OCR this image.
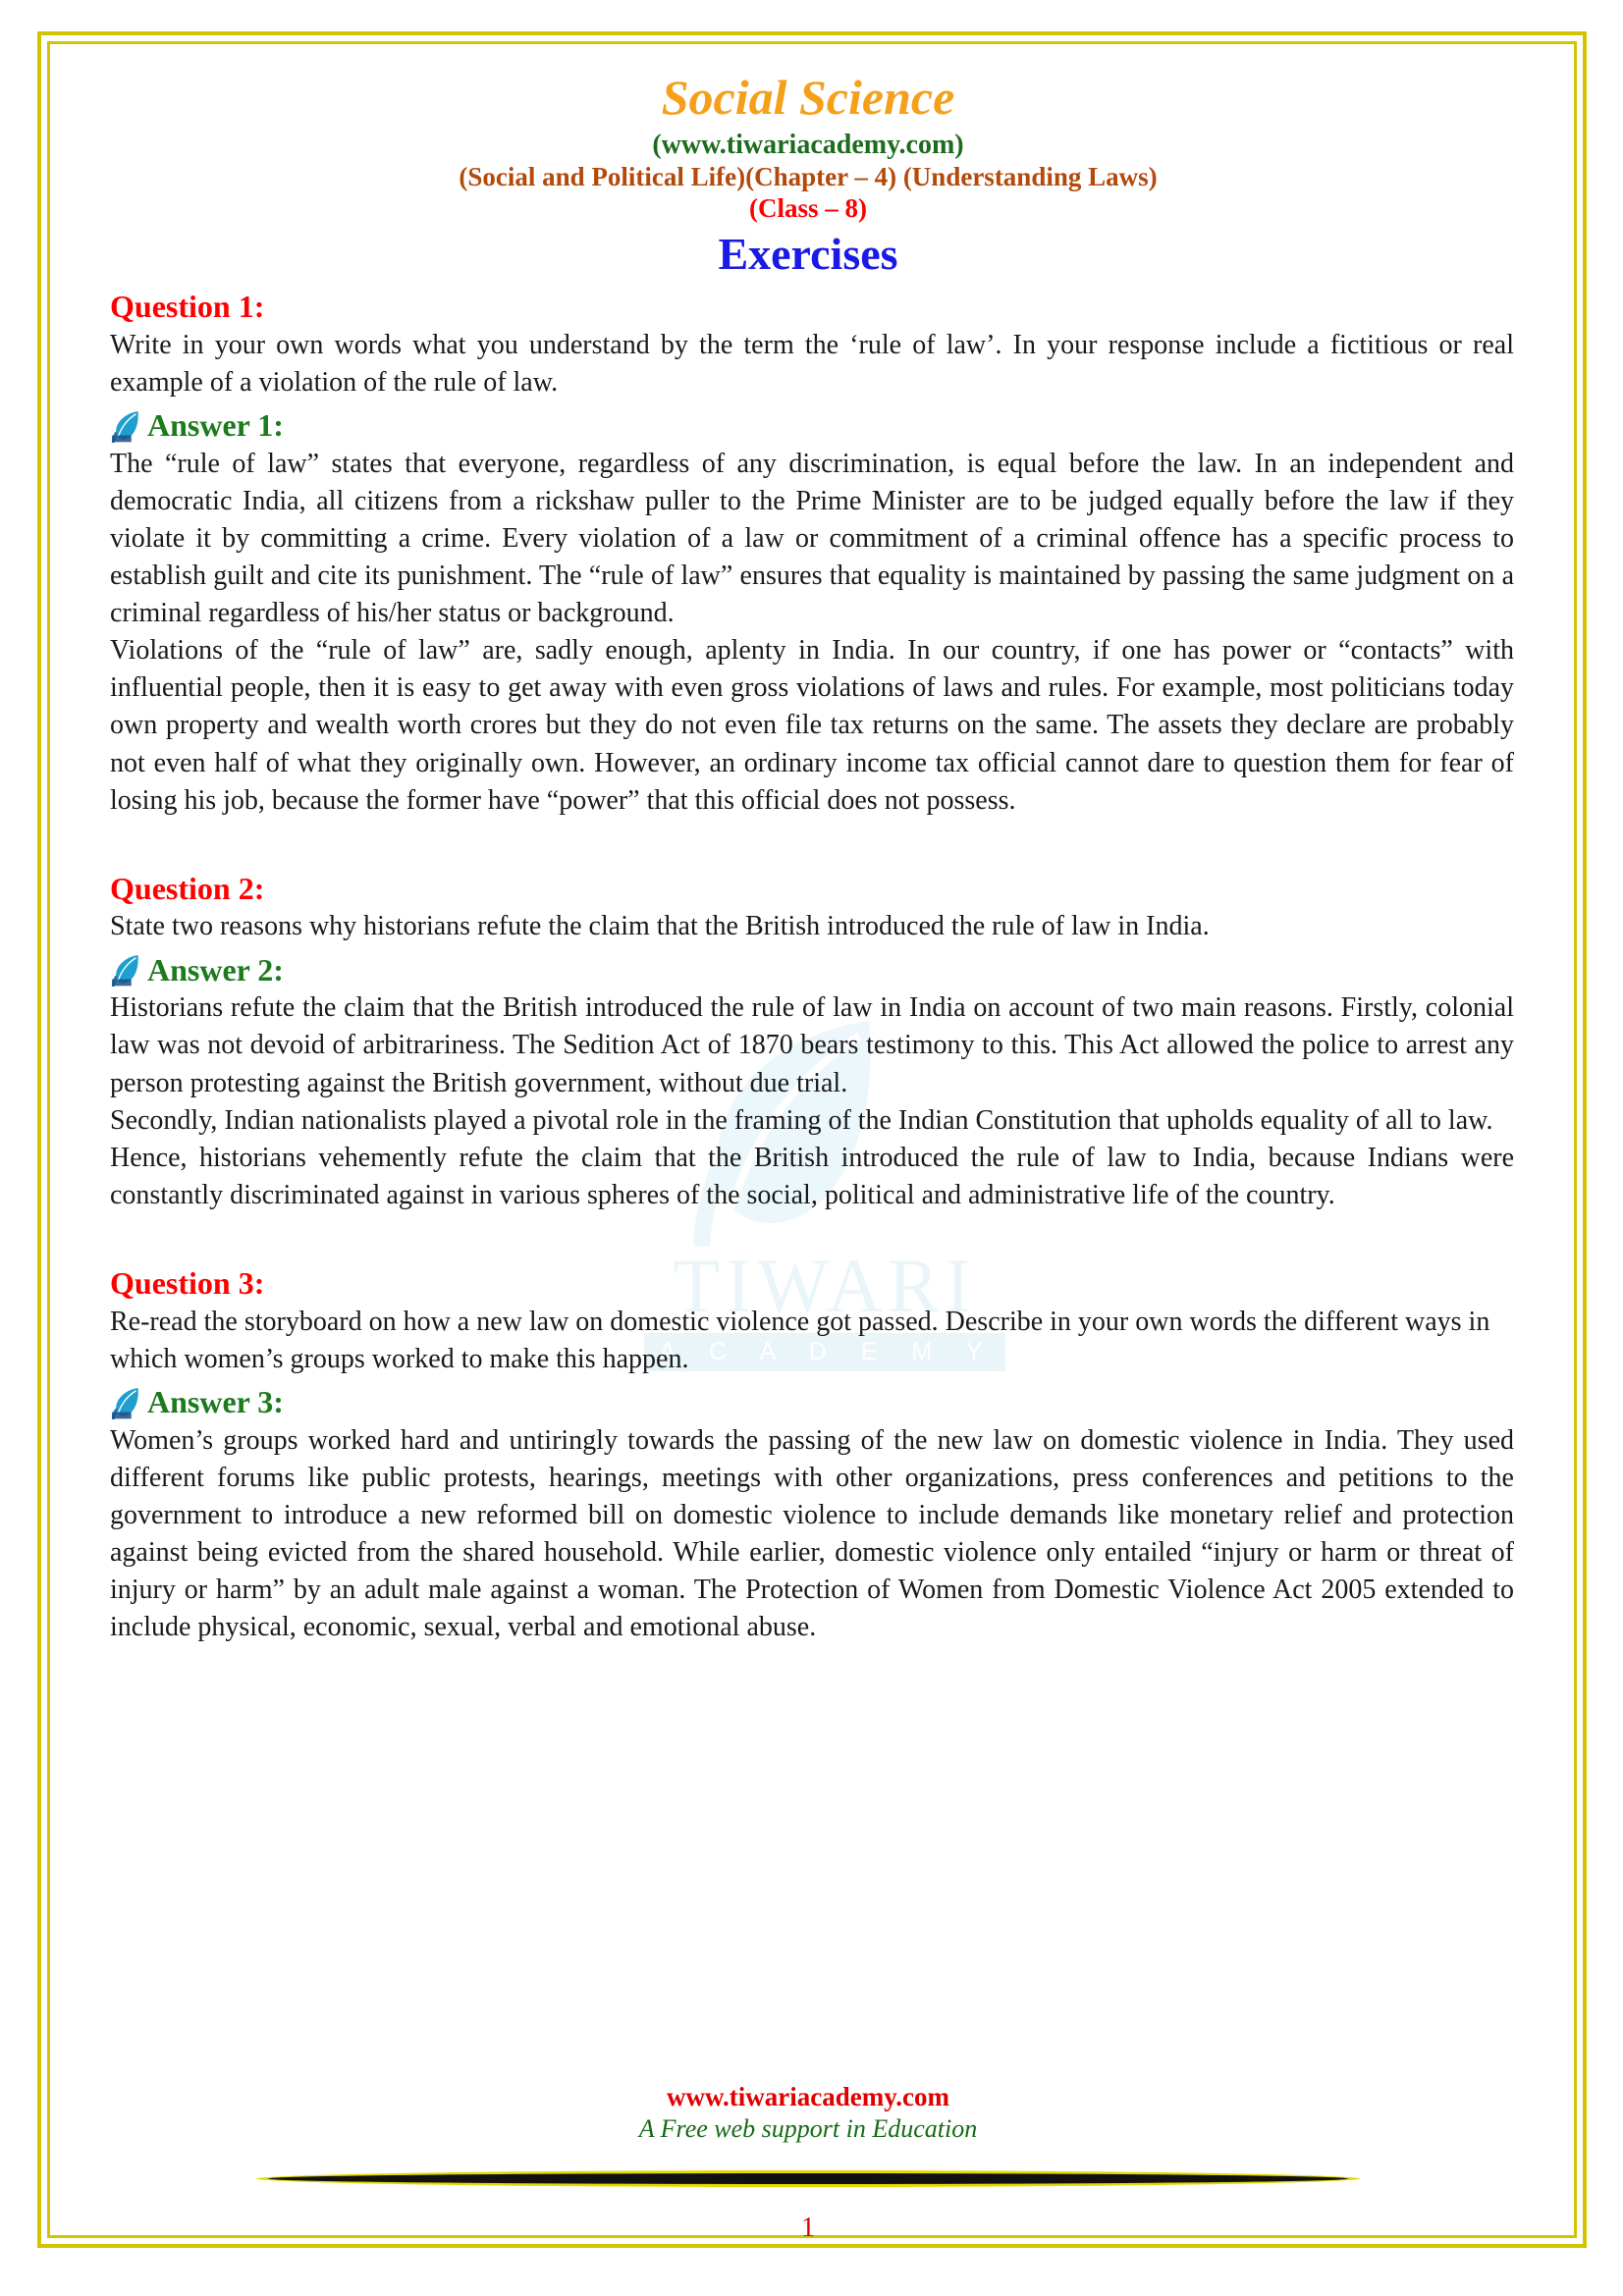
TIWARI
A C A D E M Y
Social Science
(www.tiwariacademy.com)
(Social and Political Life)(Chapter – 4) (Understanding Laws)
(Class – 8)
Exercises
Question 1:

Write in your own words what you understand by the term the ‘rule of law’. In your response include a fictitious or real example of a violation of the rule of law.

Answer 1:

The “rule of law” states that everyone, regardless of any discrimination, is equal before the law. In an independent and democratic India, all citizens from a rickshaw puller to the Prime Minister are to be judged equally before the law if they violate it by committing a crime. Every violation of a law or commitment of a criminal offence has a specific process to establish guilt and cite its punishment. The “rule of law” ensures that equality is maintained by passing the same judgment on a criminal regardless of his/her status or background.

Violations of the “rule of law” are, sadly enough, aplenty in India. In our country, if one has power or “contacts” with influential people, then it is easy to get away with even gross violations of laws and rules. For example, most politicians today own property and wealth worth crores but they do not even file tax returns on the same. The assets they declare are probably not even half of what they originally own. However, an ordinary income tax official cannot dare to question them for fear of losing his job, because the former have “power” that this official does not possess.

Question 2:

State two reasons why historians refute the claim that the British introduced the rule of law in India.

Answer 2:

Historians refute the claim that the British introduced the rule of law in India on account of two main reasons. Firstly, colonial law was not devoid of arbitrariness. The Sedition Act of 1870 bears testimony to this. This Act allowed the police to arrest any person protesting against the British government, without due trial.

Secondly, Indian nationalists played a pivotal role in the framing of the Indian Constitution that upholds equality of all to law.

Hence, historians vehemently refute the claim that the British introduced the rule of law to India, because Indians were constantly discriminated against in various spheres of the social, political and administrative life of the country.

Question 3:

Re-read the storyboard on how a new law on domestic violence got passed. Describe in your own words the different ways in which women’s groups worked to make this happen.

Answer 3:

Women’s groups worked hard and untiringly towards the passing of the new law on domestic violence in India. They used different forums like public protests, hearings, meetings with other organizations, press conferences and petitions to the government to introduce a new reformed bill on domestic violence to include demands like monetary relief and protection against being evicted from the shared household. While earlier, domestic violence only entailed “injury or harm or threat of injury or harm” by an adult male against a woman. The Protection of Women from Domestic Violence Act 2005 extended to include physical, economic, sexual, verbal and emotional abuse.

www.tiwariacademy.com
A Free web support in Education
1
